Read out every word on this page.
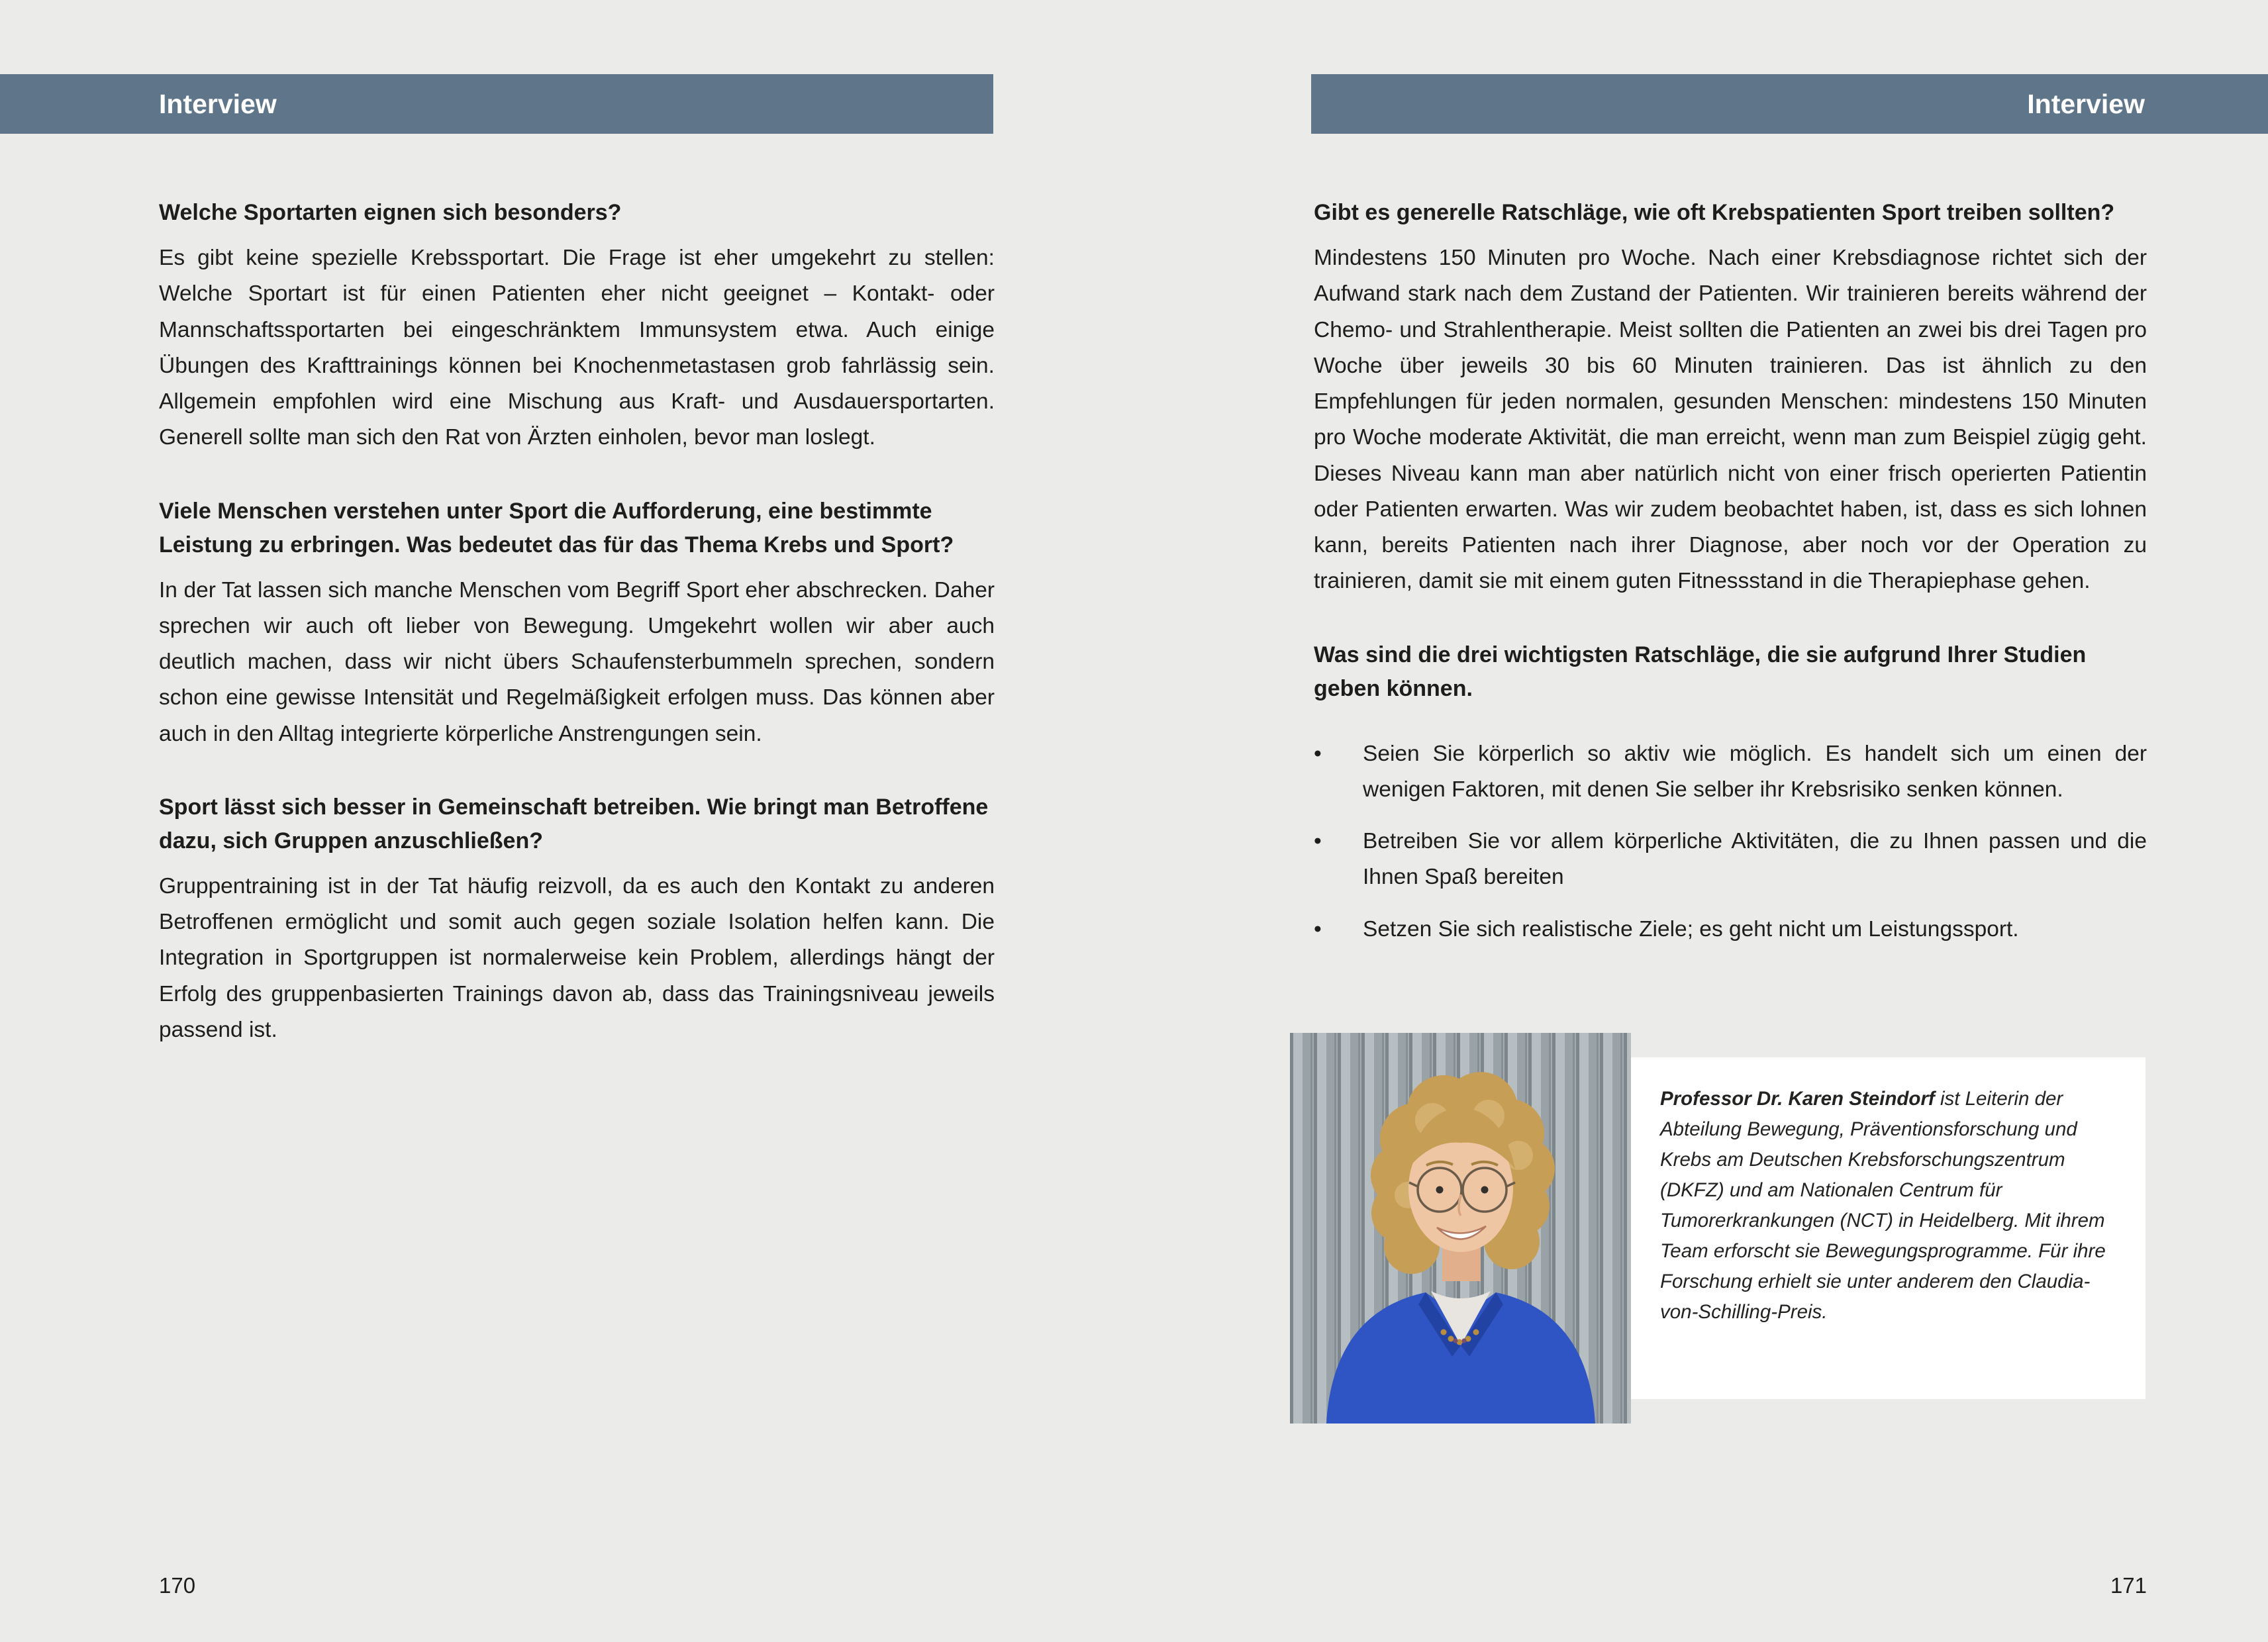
Interview	Interview
Welche Sportarten eignen sich besonders?

Es gibt keine spezielle Krebssportart. Die Frage ist eher umgekehrt zu stellen: Welche Sportart ist für einen Patienten eher nicht geeignet – Kontakt- oder Mannschaftssportarten bei eingeschränktem Immunsystem etwa. Auch einige Übungen des Krafttrainings können bei Knochenmetastasen grob fahrlässig sein. Allgemein empfohlen wird eine Mischung aus Kraft- und Ausdauersportarten. Generell sollte man sich den Rat von Ärzten einholen, bevor man loslegt.

Viele Menschen verstehen unter Sport die Aufforderung, eine bestimmte Leistung zu erbringen. Was bedeutet das für das Thema Krebs und Sport?

In der Tat lassen sich manche Menschen vom Begriff Sport eher abschrecken. Daher sprechen wir auch oft lieber von Bewegung. Umgekehrt wollen wir aber auch deutlich machen, dass wir nicht übers Schaufensterbummeln sprechen, sondern schon eine gewisse Intensität und Regelmäßigkeit erfolgen muss. Das können aber auch in den Alltag integrierte körperliche Anstrengungen sein.

Sport lässt sich besser in Gemeinschaft betreiben. Wie bringt man Betroffene dazu, sich Gruppen anzuschließen?

Gruppentraining ist in der Tat häufig reizvoll, da es auch den Kontakt zu anderen Betroffenen ermöglicht und somit auch gegen soziale Isolation helfen kann. Die Integration in Sportgruppen ist normalerweise kein Problem, allerdings hängt der Erfolg des gruppenbasierten Trainings davon ab, dass das Trainingsniveau jeweils passend ist.

Gibt es generelle Ratschläge, wie oft Krebspatienten Sport treiben sollten?

Mindestens 150 Minuten pro Woche. Nach einer Krebsdiagnose richtet sich der Aufwand stark nach dem Zustand der Patienten. Wir trainieren bereits während der Chemo- und Strahlentherapie. Meist sollten die Patienten an zwei bis drei Tagen pro Woche über jeweils 30 bis 60 Minuten trainieren. Das ist ähnlich zu den Empfehlungen für jeden normalen, gesunden Menschen: mindestens 150 Minuten pro Woche moderate Aktivität, die man erreicht, wenn man zum Beispiel zügig geht. Dieses Niveau kann man aber natürlich nicht von einer frisch operierten Patientin oder Patienten erwarten. Was wir zudem beobachtet haben, ist, dass es sich lohnen kann, bereits Patienten nach ihrer Diagnose, aber noch vor der Operation zu trainieren, damit sie mit einem guten Fitnessstand in die Therapiephase gehen.

Was sind die drei wichtigsten Ratschläge, die sie aufgrund Ihrer Studien geben können.
•	Seien Sie körperlich so aktiv wie möglich. Es handelt sich um einen der wenigen Faktoren, mit denen Sie selber ihr Krebsrisiko senken können.
•	Betreiben Sie vor allem körperliche Aktivitäten, die zu Ihnen passen und die Ihnen Spaß bereiten
•	Setzen Sie sich realistische Ziele; es geht nicht um Leistungssport.
Professor Dr. Karen Steindorf ist Leiterin der Abteilung Bewegung, Präventionsforschung und Krebs am Deutschen Krebsforschungszentrum (DKFZ) und am Nationalen Centrum für Tumorerkrankungen (NCT) in Heidelberg. Mit ihrem Team erforscht sie Bewegungsprogramme. Für ihre Forschung erhielt sie unter anderem den Claudia-von-Schilling-Preis.
170	171
